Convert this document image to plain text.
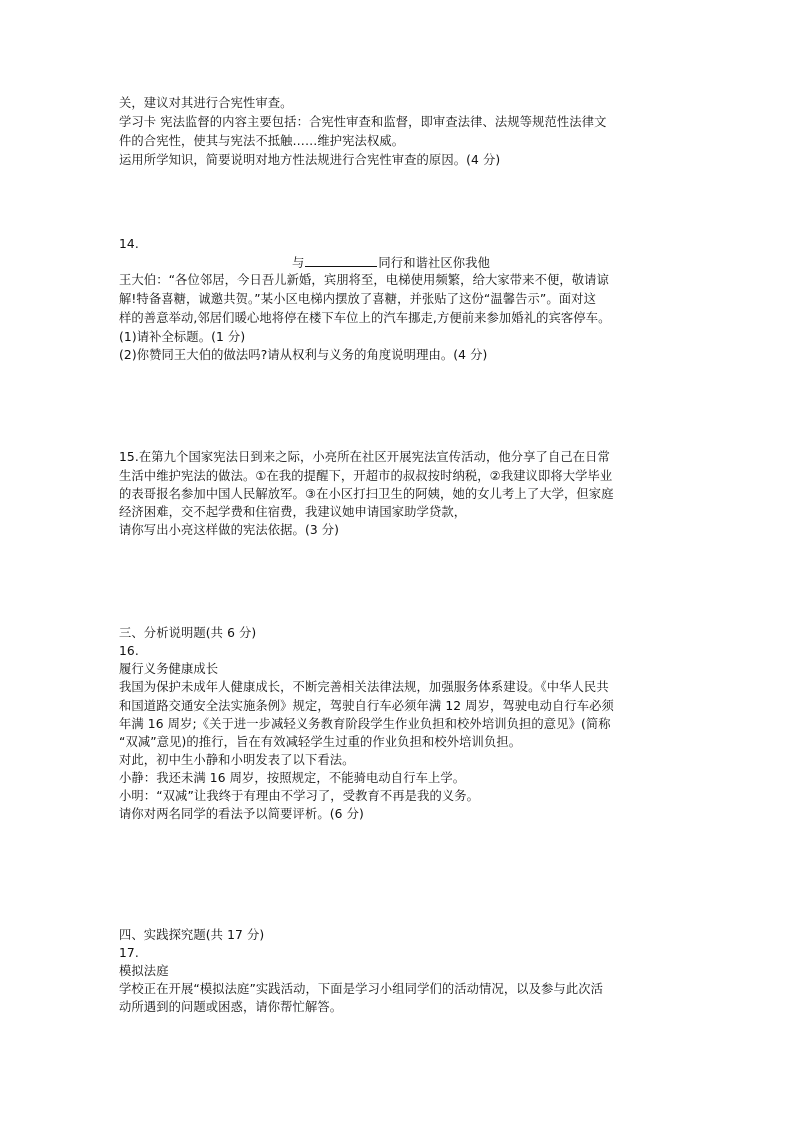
关，建议对其进行合宪性审查。
学习卡 宪法监督的内容主要包括：合宪性审查和监督，即审查法律、法规等规范性法律文
件的合宪性，使其与宪法不抵触……维护宪法权威。
运用所学知识，简要说明对地方性法规进行合宪性审查的原因。(4 分)
14.
与	同行和谐社区你我他
王大伯：“各位邻居，今日吾儿新婚，宾朋将至，电梯使用频繁，给大家带来不便，敬请谅
解!特备喜糖，诚邀共贺。”某小区电梯内摆放了喜糖，并张贴了这份“温馨告示”。面对这
样的善意举动,邻居们暖心地将停在楼下车位上的汽车挪走,方便前来参加婚礼的宾客停车。
(1)请补全标题。(1 分)
(2)你赞同王大伯的做法吗?请从权利与义务的角度说明理由。(4 分)
15.在第九个国家宪法日到来之际，小亮所在社区开展宪法宣传活动，他分享了自己在日常
生活中维护宪法的做法。①在我的提醒下，开超市的叔叔按时纳税，②我建议即将大学毕业
的表哥报名参加中国人民解放军。③在小区打扫卫生的阿姨，她的女儿考上了大学，但家庭
经济困难，交不起学费和住宿费，我建议她申请国家助学贷款，
请你写出小亮这样做的宪法依据。(3 分)
三、分析说明题(共 6 分)
16.
履行义务健康成长
我国为保护未成年人健康成长，不断完善相关法律法规，加强服务体系建设。《中华人民共
和国道路交通安全法实施条例》规定，驾驶自行车必须年满 12 周岁，驾驶电动自行车必须
年满 16 周岁;《关于进一步减轻义务教育阶段学生作业负担和校外培训负担的意见》(简称
“双减”意见)的推行，旨在有效减轻学生过重的作业负担和校外培训负担。
对此，初中生小静和小明发表了以下看法。
小静：我还未满 16 周岁，按照规定，不能骑电动自行车上学。
小明：“双减”让我终于有理由不学习了，受教育不再是我的义务。
请你对两名同学的看法予以简要评析。(6 分)
四、实践探究题(共 17 分)
17.
模拟法庭
学校正在开展“模拟法庭”实践活动，下面是学习小组同学们的活动情况，以及参与此次活
动所遇到的问题或困惑，请你帮忙解答。
